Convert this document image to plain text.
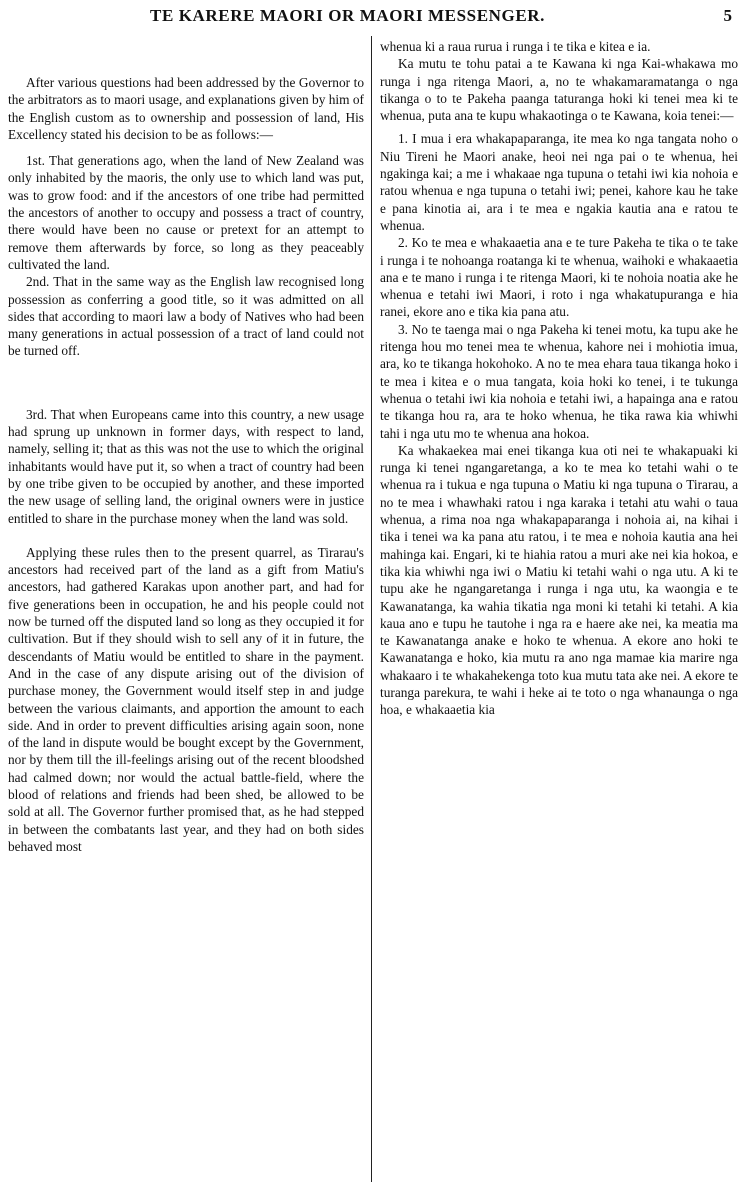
TE KARERE MAORI OR MAORI MESSENGER.	5

After various questions had been addressed by the Governor to the arbitrators as to maori usage, and explanations given by him of the English custom as to ownership and possession of land, His Excellency stated his decision to be as follows:—

1st. That generations ago, when the land of New Zealand was only inhabited by the maoris, the only use to which land was put, was to grow food: and if the ancestors of one tribe had permitted the ancestors of another to occupy and possess a tract of country, there would have been no cause or pretext for an attempt to remove them afterwards by force, so long as they peaceably cultivated the land.

2nd. That in the same way as the English law recognised long possession as conferring a good title, so it was admitted on all sides that according to maori law a body of Natives who had been many generations in actual possession of a tract of land could not be turned off.

3rd. That when Europeans came into this country, a new usage had sprung up unknown in former days, with respect to land, namely, selling it; that as this was not the use to which the original inhabitants would have put it, so when a tract of country had been by one tribe given to be occupied by another, and these imported the new usage of selling land, the original owners were in justice entitled to share in the purchase money when the land was sold.

Applying these rules then to the present quarrel, as Tirarau's ancestors had received part of the land as a gift from Matiu's ancestors, had gathered Karakas upon another part, and had for five generations been in occupation, he and his people could not now be turned off the disputed land so long as they occupied it for cultivation. But if they should wish to sell any of it in future, the descendants of Matiu would be entitled to share in the payment. And in the case of any dispute arising out of the division of purchase money, the Government would itself step in and judge between the various claimants, and apportion the amount to each side. And in order to prevent difficulties arising again soon, none of the land in dispute would be bought except by the Government, nor by them till the ill-feelings arising out of the recent bloodshed had calmed down; nor would the actual battle-field, where the blood of relations and friends had been shed, be allowed to be sold at all. The Governor further promised that, as he had stepped in between the combatants last year, and they had on both sides behaved most

whenua ki a raua rurua i runga i te tika e kitea e ia.

Ka mutu te tohu patai a te Kawana ki nga Kai-whakawa mo runga i nga ritenga Maori, a, no te whakamaramatanga o nga tikanga o to te Pakeha paanga taturanga hoki ki tenei mea ki te whenua, puta ana te kupu whakaotinga o te Kawana, koia tenei:—

1. I mua i era whakapaparanga, ite mea ko nga tangata noho o Niu Tireni he Maori anake, heoi nei nga pai o te whenua, hei ngakinga kai; a me i whakaae nga tupuna o tetahi iwi kia nohoia e ratou whenua e nga tupuna o tetahi iwi; penei, kahore kau he take e pana kinotia ai, ara i te mea e ngakia kautia ana e ratou te whenua.

2. Ko te mea e whakaaetia ana e te ture Pakeha te tika o te take i runga i te nohoanga roatanga ki te whenua, waihoki e whakaaetia ana e te mano i runga i te ritenga Maori, ki te nohoia noatia ake he whenua e tetahi iwi Maori, i roto i nga whakatupuranga e hia ranei, ekore ano e tika kia pana atu.

3. No te taenga mai o nga Pakeha ki tenei motu, ka tupu ake he ritenga hou mo tenei mea te whenua, kahore nei i mohiotia imua, ara, ko te tikanga hokohoko. A no te mea ehara taua tikanga hoko i te mea i kitea e o mua tangata, koia hoki ko tenei, i te tukunga whenua o tetahi iwi kia nohoia e tetahi iwi, a hapainga ana e ratou te tikanga hou ra, ara te hoko whenua, he tika rawa kia whiwhi tahi i nga utu mo te whenua ana hokoa.

Ka whakaekea mai enei tikanga kua oti nei te whakapuaki ki runga ki tenei ngangaretanga, a ko te mea ko tetahi wahi o te whenua ra i tukua e nga tupuna o Matiu ki nga tupuna o Tirarau, a no te mea i whawhaki ratou i nga karaka i tetahi atu wahi o taua whenua, a rima noa nga whakapaparanga i nohoia ai, na kihai i tika i tenei wa ka pana atu ratou, i te mea e nohoia kautia ana hei mahinga kai. Engari, ki te hiahia ratou a muri ake nei kia hokoa, e tika kia whiwhi nga iwi o Matiu ki tetahi wahi o nga utu. A ki te tupu ake he ngangaretanga i runga i nga utu, ka waongia e te Kawanatanga, ka wahia tikatia nga moni ki tetahi ki tetahi. A kia kaua ano e tupu he tautohe i nga ra e haere ake nei, ka meatia ma te Kawanatanga anake e hoko te whenua. A ekore ano hoki te Kawanatanga e hoko, kia mutu ra ano nga mamae kia marire nga whakaaro i te whakahekenga toto kua mutu tata ake nei. A ekore te turanga parekura, te wahi i heke ai te toto o nga whanaunga o nga hoa, e whakaaetia kia
